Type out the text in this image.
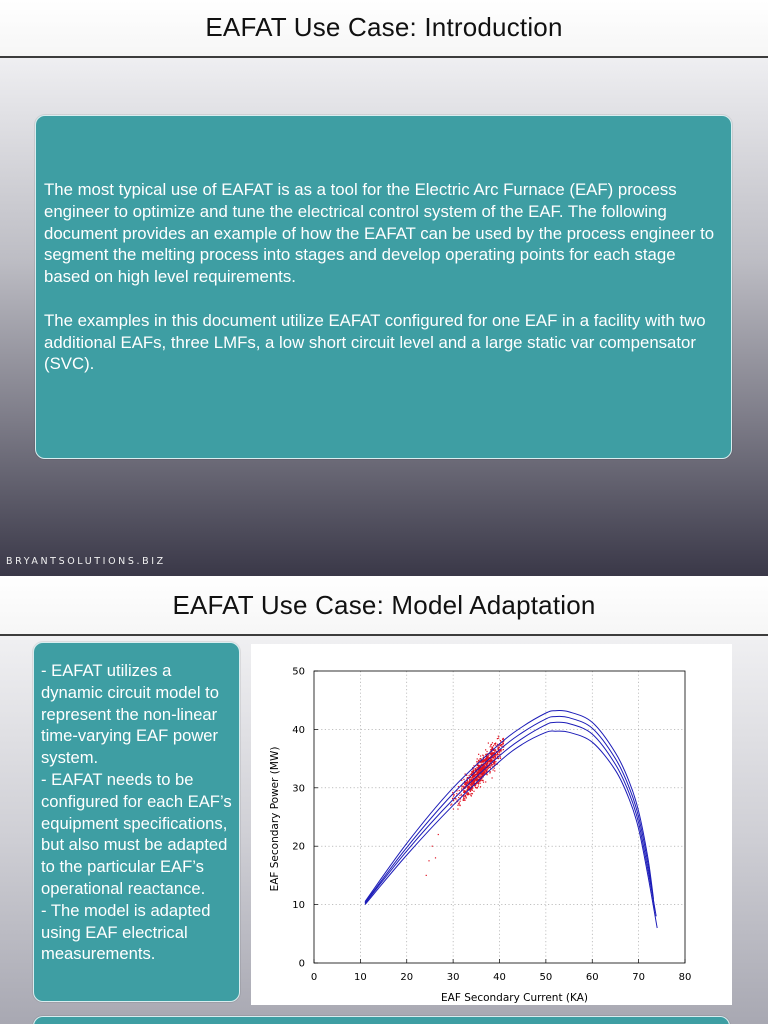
EAFAT Use Case: Introduction

The most typical use of EAFAT is as a tool for the Electric Arc Furnace (EAF) process engineer to optimize and tune the electrical control system of the EAF. The following document provides an example of how the EAFAT can be used by the process engineer to segment the melting process into stages and develop operating points for each stage based on high level requirements.

The examples in this document utilize EAFAT configured for one EAF in a facility with two additional EAFs, three LMFs, a low short circuit level and a large static var compensator (SVC).

BRYANTSOLUTIONS.BIZ
EAFAT Use Case: Model Adaptation
- EAFAT utilizes a dynamic circuit model to represent the non-linear time-varying EAF power system.
- EAFAT needs to be configured for each EAF’s equipment specifications, but also must be adapted to the particular EAF’s operational reactance.
- The model is adapted using EAF electrical measurements.
0	10	20	30	40	50	60	70	80
0
10
20
30
40
50
EAF Secondary Current (KA)
EAF Secondary Power (MW)
